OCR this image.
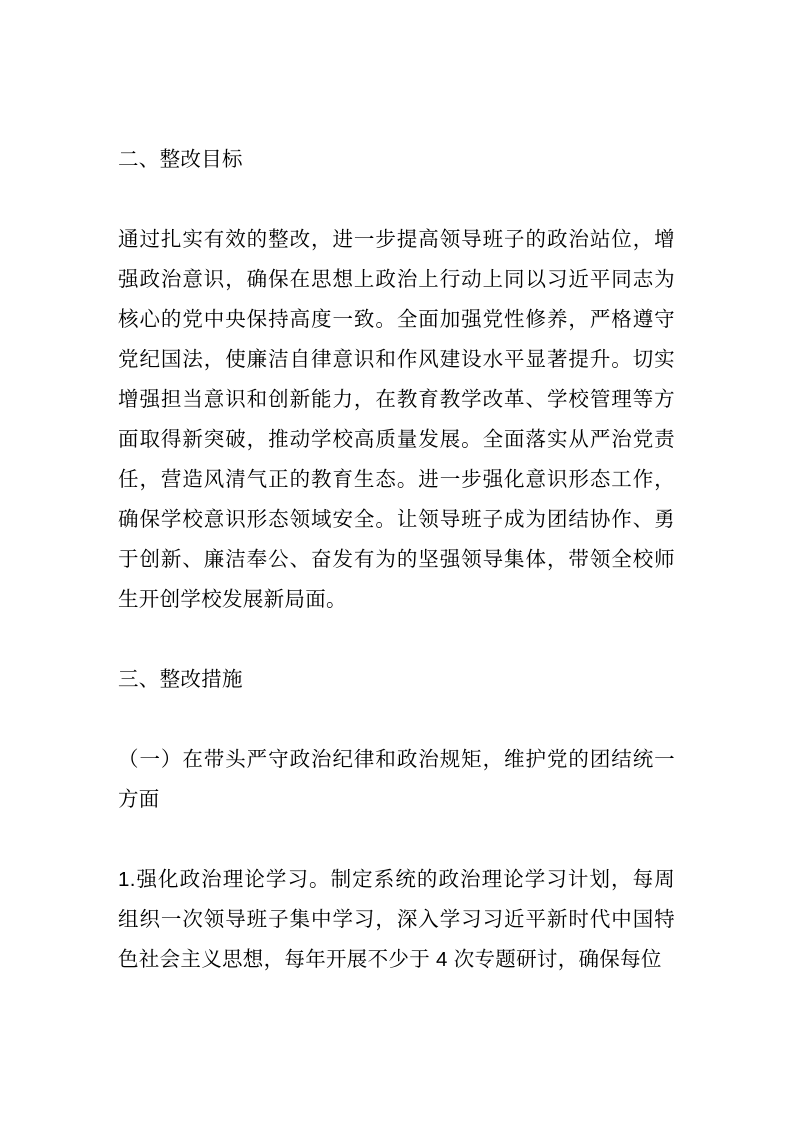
二、整改目标

通过扎实有效的整改，进一步提高领导班子的政治站位，增强政治意识，确保在思想上政治上行动上同以习近平同志为核心的党中央保持高度一致。全面加强党性修养，严格遵守党纪国法，使廉洁自律意识和作风建设水平显著提升。切实增强担当意识和创新能力，在教育教学改革、学校管理等方面取得新突破，推动学校高质量发展。全面落实从严治党责任，营造风清气正的教育生态。进一步强化意识形态工作，确保学校意识形态领域安全。让领导班子成为团结协作、勇于创新、廉洁奉公、奋发有为的坚强领导集体，带领全校师生开创学校发展新局面。

三、整改措施

（一）在带头严守政治纪律和政治规矩，维护党的团结统一方面

1.强化政治理论学习。制定系统的政治理论学习计划，每周组织一次领导班子集中学习，深入学习习近平新时代中国特色社会主义思想，每年开展不少于 4 次专题研讨，确保每位
